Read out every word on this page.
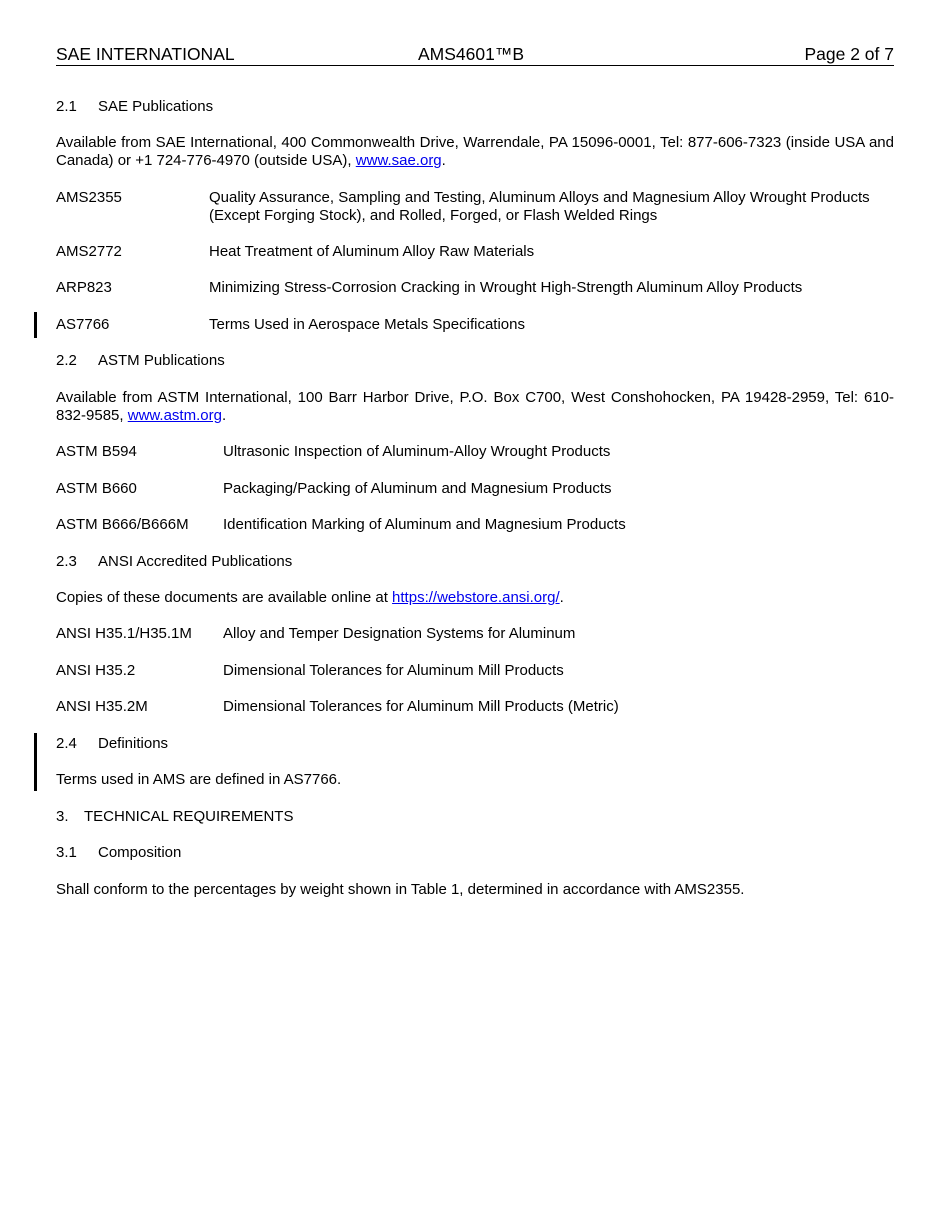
SAE INTERNATIONAL	AMS4601™B	Page 2 of 7
2.1 SAE Publications
Available from SAE International, 400 Commonwealth Drive, Warrendale, PA 15096-0001, Tel: 877-606-7323 (inside USA and Canada) or +1 724-776-4970 (outside USA), www.sae.org.
AMS2355	Quality Assurance, Sampling and Testing, Aluminum Alloys and Magnesium Alloy Wrought Products (Except Forging Stock), and Rolled, Forged, or Flash Welded Rings
AMS2772	Heat Treatment of Aluminum Alloy Raw Materials
ARP823	Minimizing Stress-Corrosion Cracking in Wrought High-Strength Aluminum Alloy Products
AS7766	Terms Used in Aerospace Metals Specifications
2.2 ASTM Publications
Available from ASTM International, 100 Barr Harbor Drive, P.O. Box C700, West Conshohocken, PA 19428-2959, Tel: 610-832-9585, www.astm.org.
ASTM B594	Ultrasonic Inspection of Aluminum-Alloy Wrought Products
ASTM B660	Packaging/Packing of Aluminum and Magnesium Products
ASTM B666/B666M Identification Marking of Aluminum and Magnesium Products
2.3 ANSI Accredited Publications
Copies of these documents are available online at https://webstore.ansi.org/.
ANSI H35.1/H35.1M Alloy and Temper Designation Systems for Aluminum
ANSI H35.2	Dimensional Tolerances for Aluminum Mill Products
ANSI H35.2M	Dimensional Tolerances for Aluminum Mill Products (Metric)
2.4 Definitions
Terms used in AMS are defined in AS7766.
3. TECHNICAL REQUIREMENTS
3.1 Composition
Shall conform to the percentages by weight shown in Table 1, determined in accordance with AMS2355.
